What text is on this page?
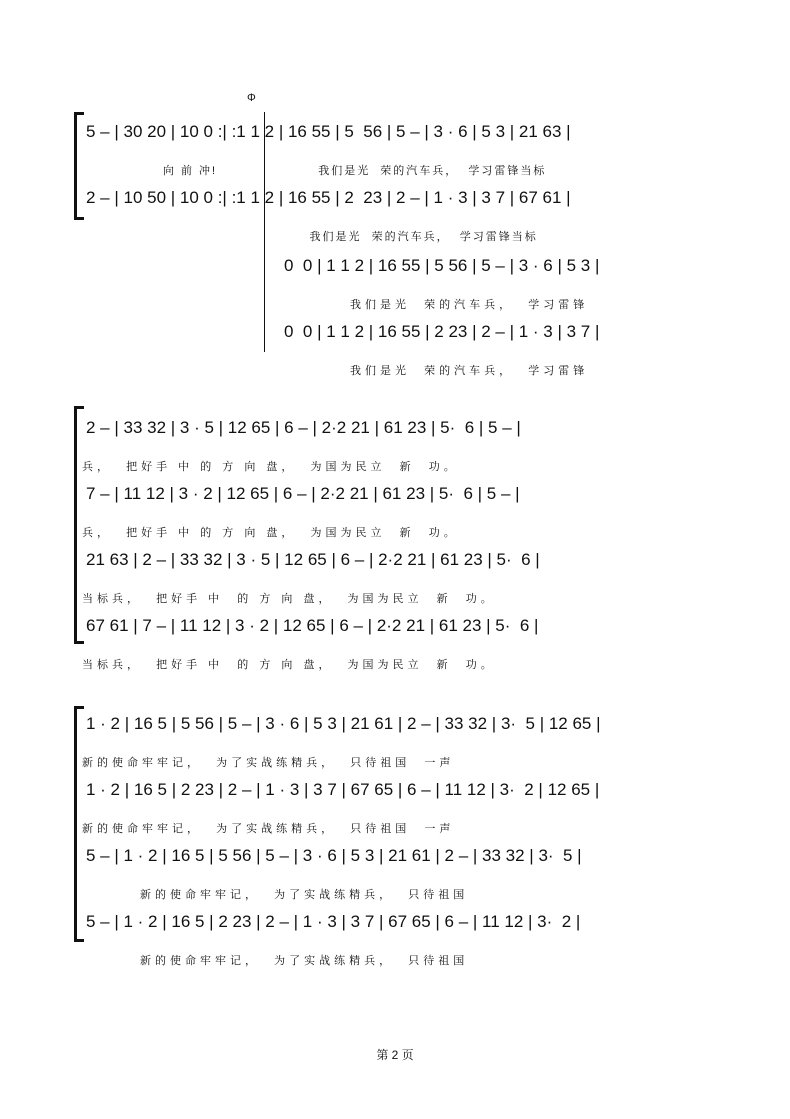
Φ
5 – | 30 20 | 10 0 :| :1 1 2 | 16 55 | 5  56 | 5 – | 3 · 6 | 5 3 | 21 63 |
向 前 冲!                    我们是光  荣的汽车兵，  学习雷锋当标
2 – | 10 50 | 10 0 :| :1 1 2 | 16 55 | 2  23 | 2 – | 1 · 3 | 3 7 | 67 61 |
我们是光  荣的汽车兵，  学习雷锋当标
0  0 | 1 1 2 | 16 55 | 5 56 | 5 – | 3 · 6 | 5 3 |
我们是光  荣的汽车兵，  学习雷锋
0  0 | 1 1 2 | 16 55 | 2 23 | 2 – | 1 · 3 | 3 7 |
我们是光  荣的汽车兵，  学习雷锋
2 – | 33 32 | 3 · 5 | 12 65 | 6 – | 2·2 21 | 61 23 | 5·  6 | 5 – |
兵，  把好手 中 的 方 向 盘，  为国为民立  新  功。
7 – | 11 12 | 3 · 2 | 12 65 | 6 – | 2·2 21 | 61 23 | 5·  6 | 5 – |
兵，  把好手 中 的 方 向 盘，  为国为民立  新  功。
21 63 | 2 – | 33 32 | 3 · 5 | 12 65 | 6 – | 2·2 21 | 61 23 | 5·  6 |
当标兵，  把好手 中  的 方 向 盘，  为国为民立  新  功。
67 61 | 7 – | 11 12 | 3 · 2 | 12 65 | 6 – | 2·2 21 | 61 23 | 5·  6 |
当标兵，  把好手 中  的 方 向 盘，  为国为民立  新  功。
1 · 2 | 16 5 | 5 56 | 5 – | 3 · 6 | 5 3 | 21 61 | 2 – | 33 32 | 3·  5 | 12 65 |
新的使命牢牢记，  为了实战练精兵，  只待祖国  一声
1 · 2 | 16 5 | 2 23 | 2 – | 1 · 3 | 3 7 | 67 65 | 6 – | 11 12 | 3·  2 | 12 65 |
新的使命牢牢记，  为了实战练精兵，  只待祖国  一声
5 – | 1 · 2 | 16 5 | 5 56 | 5 – | 3 · 6 | 5 3 | 21 61 | 2 – | 33 32 | 3·  5 |
新的使命牢牢记，  为了实战练精兵，  只待祖国
5 – | 1 · 2 | 16 5 | 2 23 | 2 – | 1 · 3 | 3 7 | 67 65 | 6 – | 11 12 | 3·  2 |
新的使命牢牢记，  为了实战练精兵，  只待祖国
第 2 页
